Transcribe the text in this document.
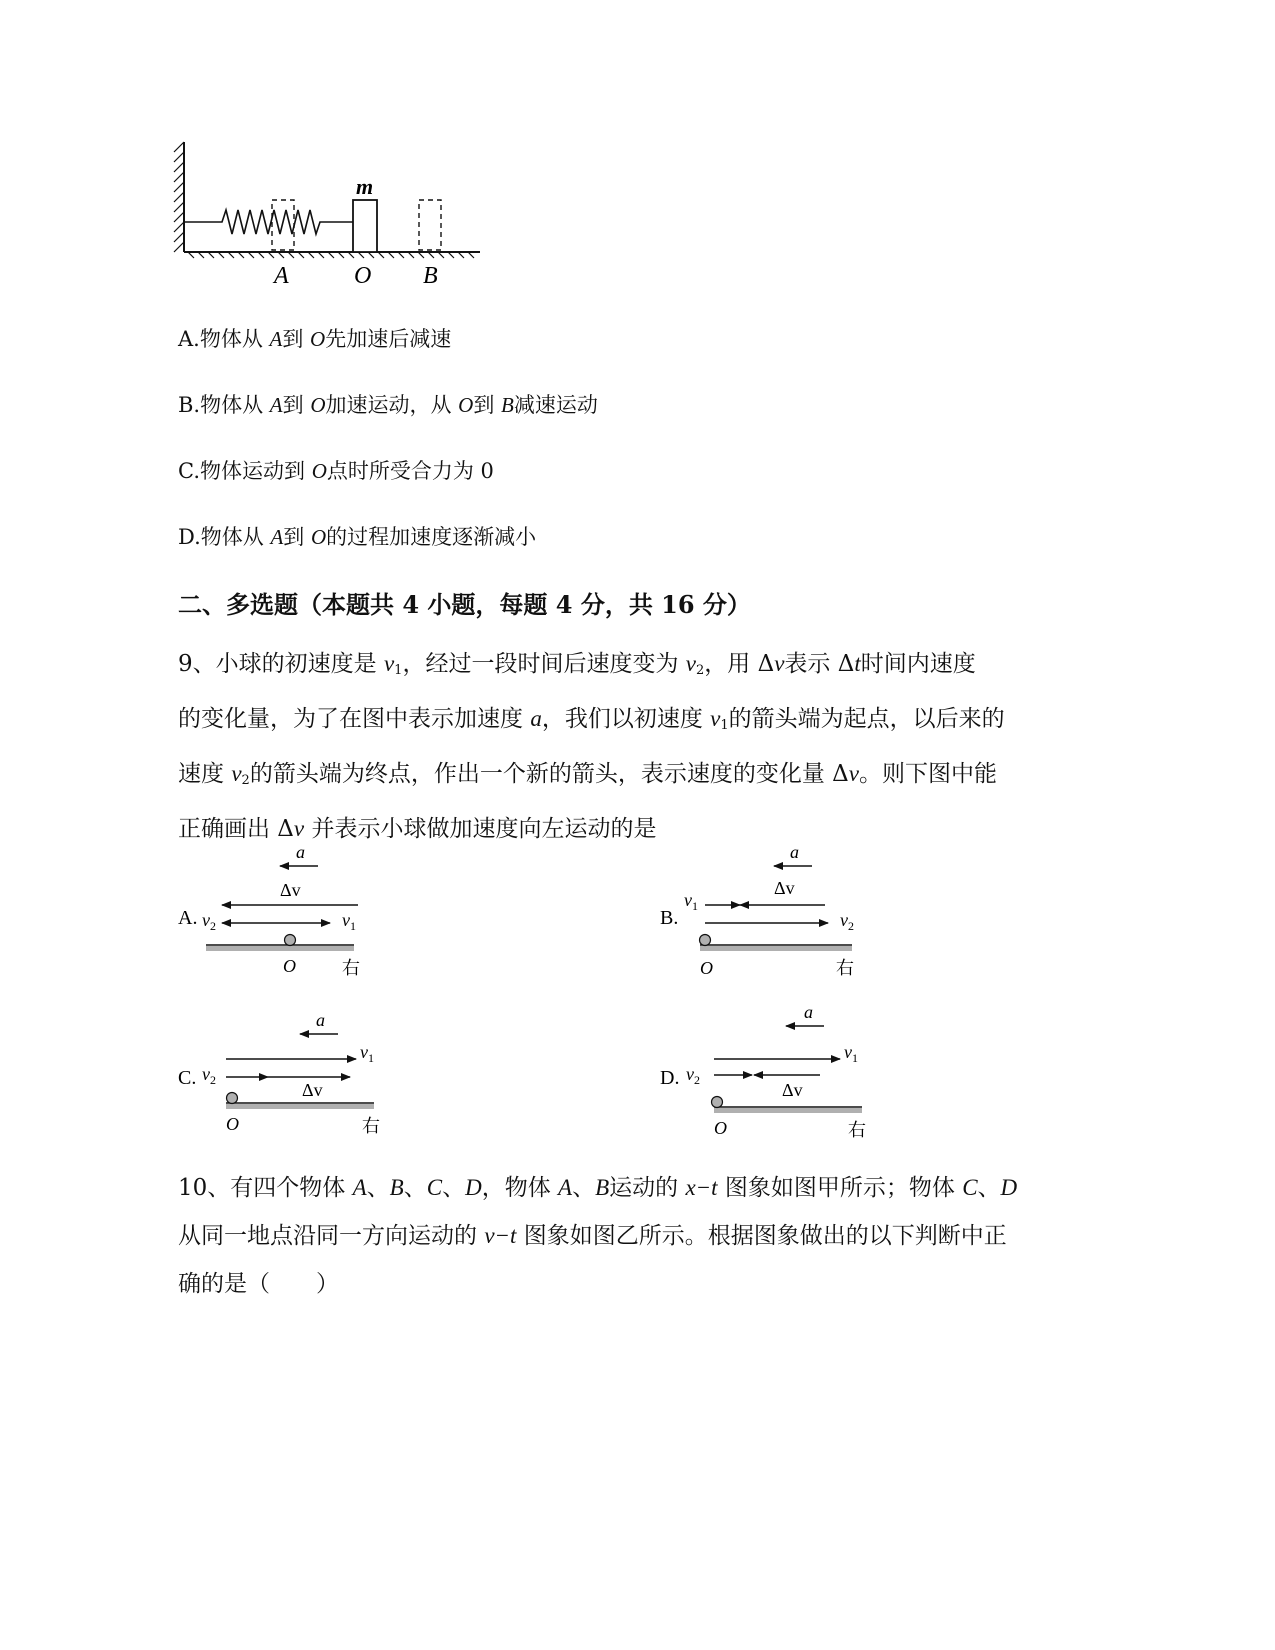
m
A	O B
A.物体从 A到 O先加速后减速
B.物体从 A到 O加速运动，从 O到 B减速运动
C.物体运动到 O点时所受合力为 0
D.物体从 A到 O的过程加速度逐渐减小
二、多选题（本题共 4 小题，每题 4 分，共 16 分）

9、小球的初速度是 $v_1$，经过一段时间后速度变为 $v_2$，用 Δv表示 Δt时间内速度

的变化量，为了在图中表示加速度 a，我们以初速度 $v_1$的箭头端为起点，以后来的

速度 $v_2$的箭头端为终点，作出一个新的箭头，表示速度的变化量 Δv。则下图中能

正确画出 Δv 并表示小球做加速度向左运动的是

A.
a
Δv
$v_2$	$v_1$
O	右
B.
a
Δv
$v_1$
$v_2$
O	右
C.
a
$v_1$
$v_2$	Δv
O	右
D.
a
$v_1$
$v_2$	Δv
O	右

10、有四个物体 A、B、C、D，物体 A、B运动的 x−t 图象如图甲所示；物体 C、D

从同一地点沿同一方向运动的 v−t 图象如图乙所示。根据图象做出的以下判断中正

确的是（　　）
